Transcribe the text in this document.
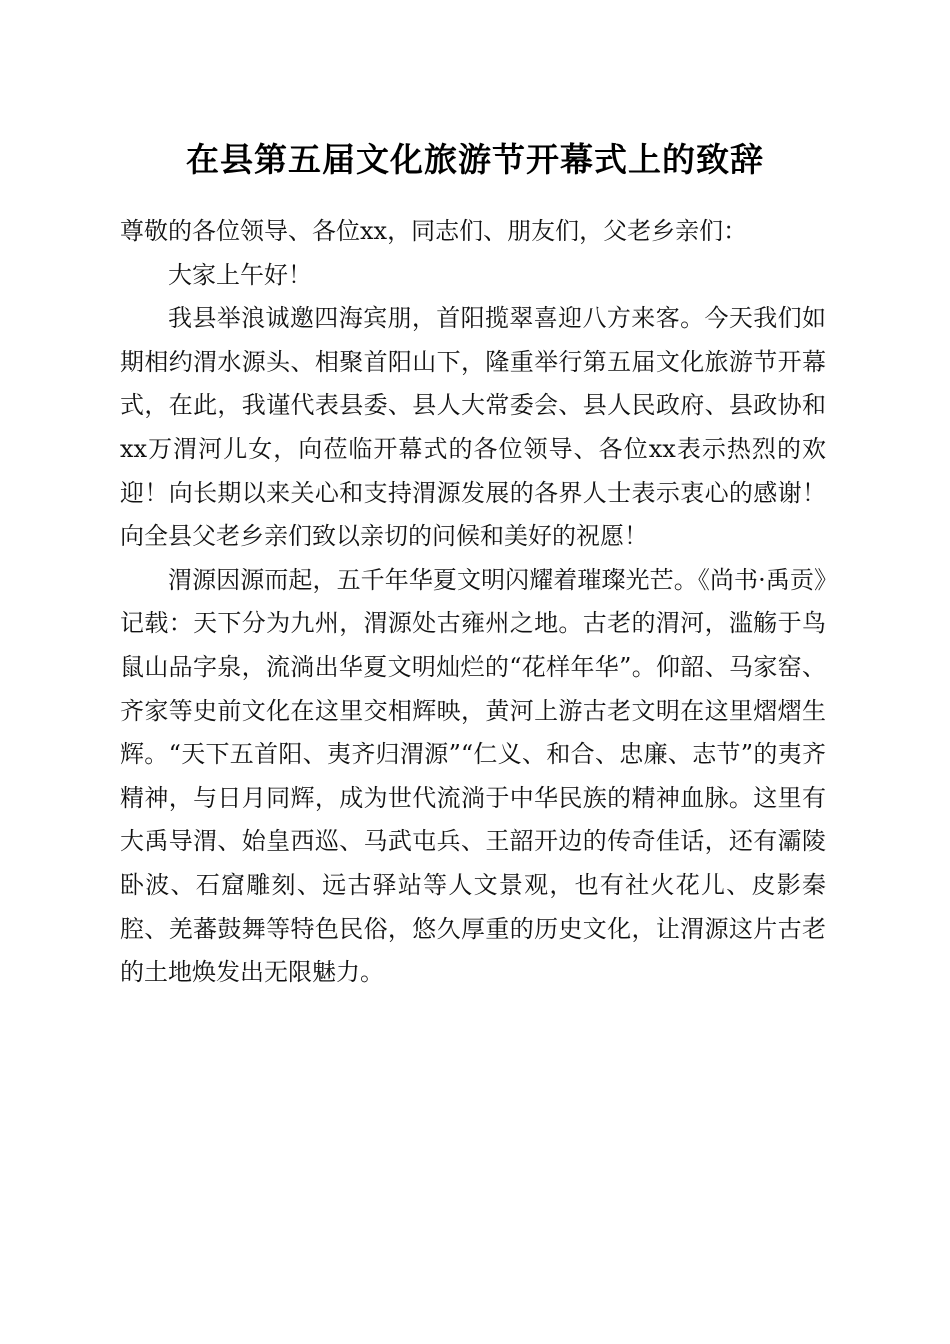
在县第五届文化旅游节开幕式上的致辞

尊敬的各位领导、各位xx，同志们、朋友们，父老乡亲们：

大家上午好！

我县举浪诚邀四海宾朋，首阳揽翠喜迎八方来客。今天我们如期相约渭水源头、相聚首阳山下，隆重举行第五届文化旅游节开幕式，在此，我谨代表县委、县人大常委会、县人民政府、县政协和xx万渭河儿女，向莅临开幕式的各位领导、各位xx表示热烈的欢迎！向长期以来关心和支持渭源发展的各界人士表示衷心的感谢！向全县父老乡亲们致以亲切的问候和美好的祝愿！

渭源因源而起，五千年华夏文明闪耀着璀璨光芒。《尚书·禹贡》记载：天下分为九州，渭源处古雍州之地。古老的渭河，滥觞于鸟鼠山品字泉，流淌出华夏文明灿烂的“花样年华”。仰韶、马家窑、齐家等史前文化在这里交相辉映，黄河上游古老文明在这里熠熠生辉。“天下五首阳、夷齐归渭源”“仁义、和合、忠廉、志节”的夷齐精神，与日月同辉，成为世代流淌于中华民族的精神血脉。这里有大禹导渭、始皇西巡、马武屯兵、王韶开边的传奇佳话，还有灞陵卧波、石窟雕刻、远古驿站等人文景观，也有社火花儿、皮影秦腔、羌蕃鼓舞等特色民俗，悠久厚重的历史文化，让渭源这片古老的土地焕发出无限魅力。
